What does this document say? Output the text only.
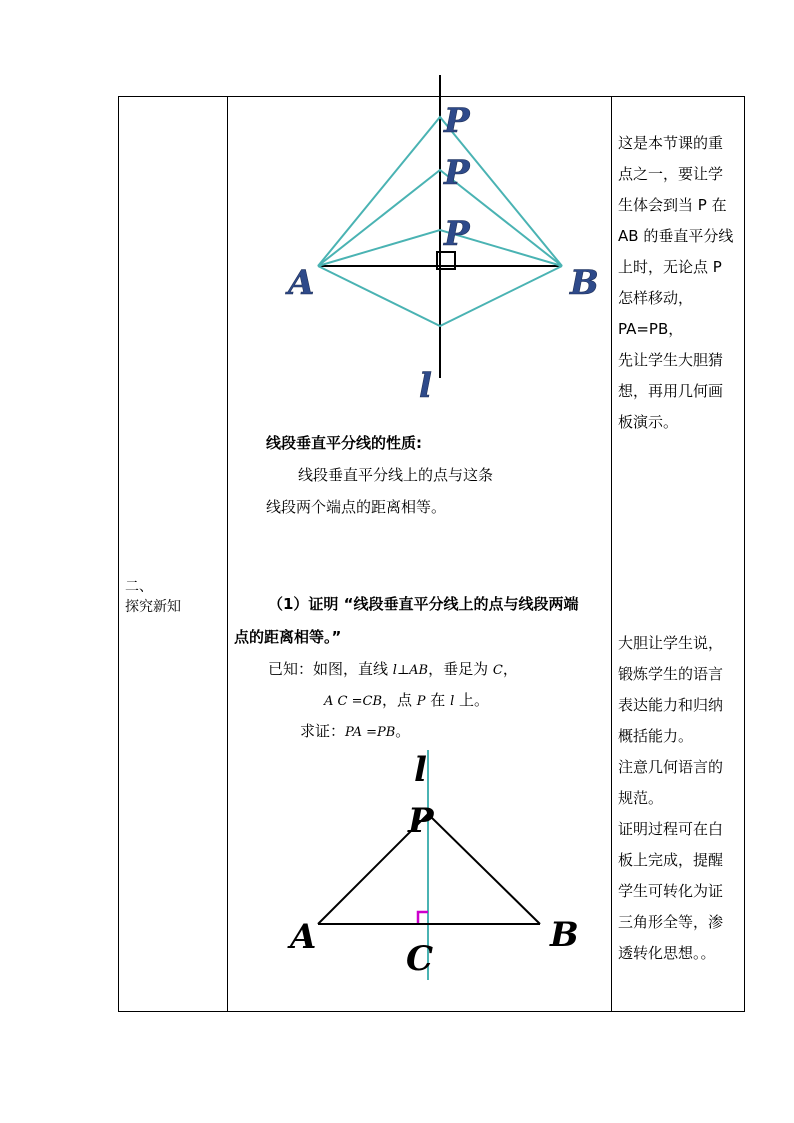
二、
探究新知
P
P
P
A	B
l
线段垂直平分线的性质:
线段垂直平分线上的点与这条
线段两个端点的距离相等。
（1）证明 “线段垂直平分线上的点与线段两端
点的距离相等。”
已知：如图，直线 l⊥AB，垂足为 C，
A C =CB，点 P 在 l 上。
求证：PA =PB。
l
P
A	B
C

这是本节课的重

点之一，要让学

生体会到当 P 在

AB 的垂直平分线

上时，无论点 P

怎样移动，PA=PB，

先让学生大胆猜

想，再用几何画

板演示。

大胆让学生说，

锻炼学生的语言

表达能力和归纳

概括能力。

注意几何语言的

规范。

证明过程可在白

板上完成，提醒

学生可转化为证

三角形全等，渗

透转化思想。。
